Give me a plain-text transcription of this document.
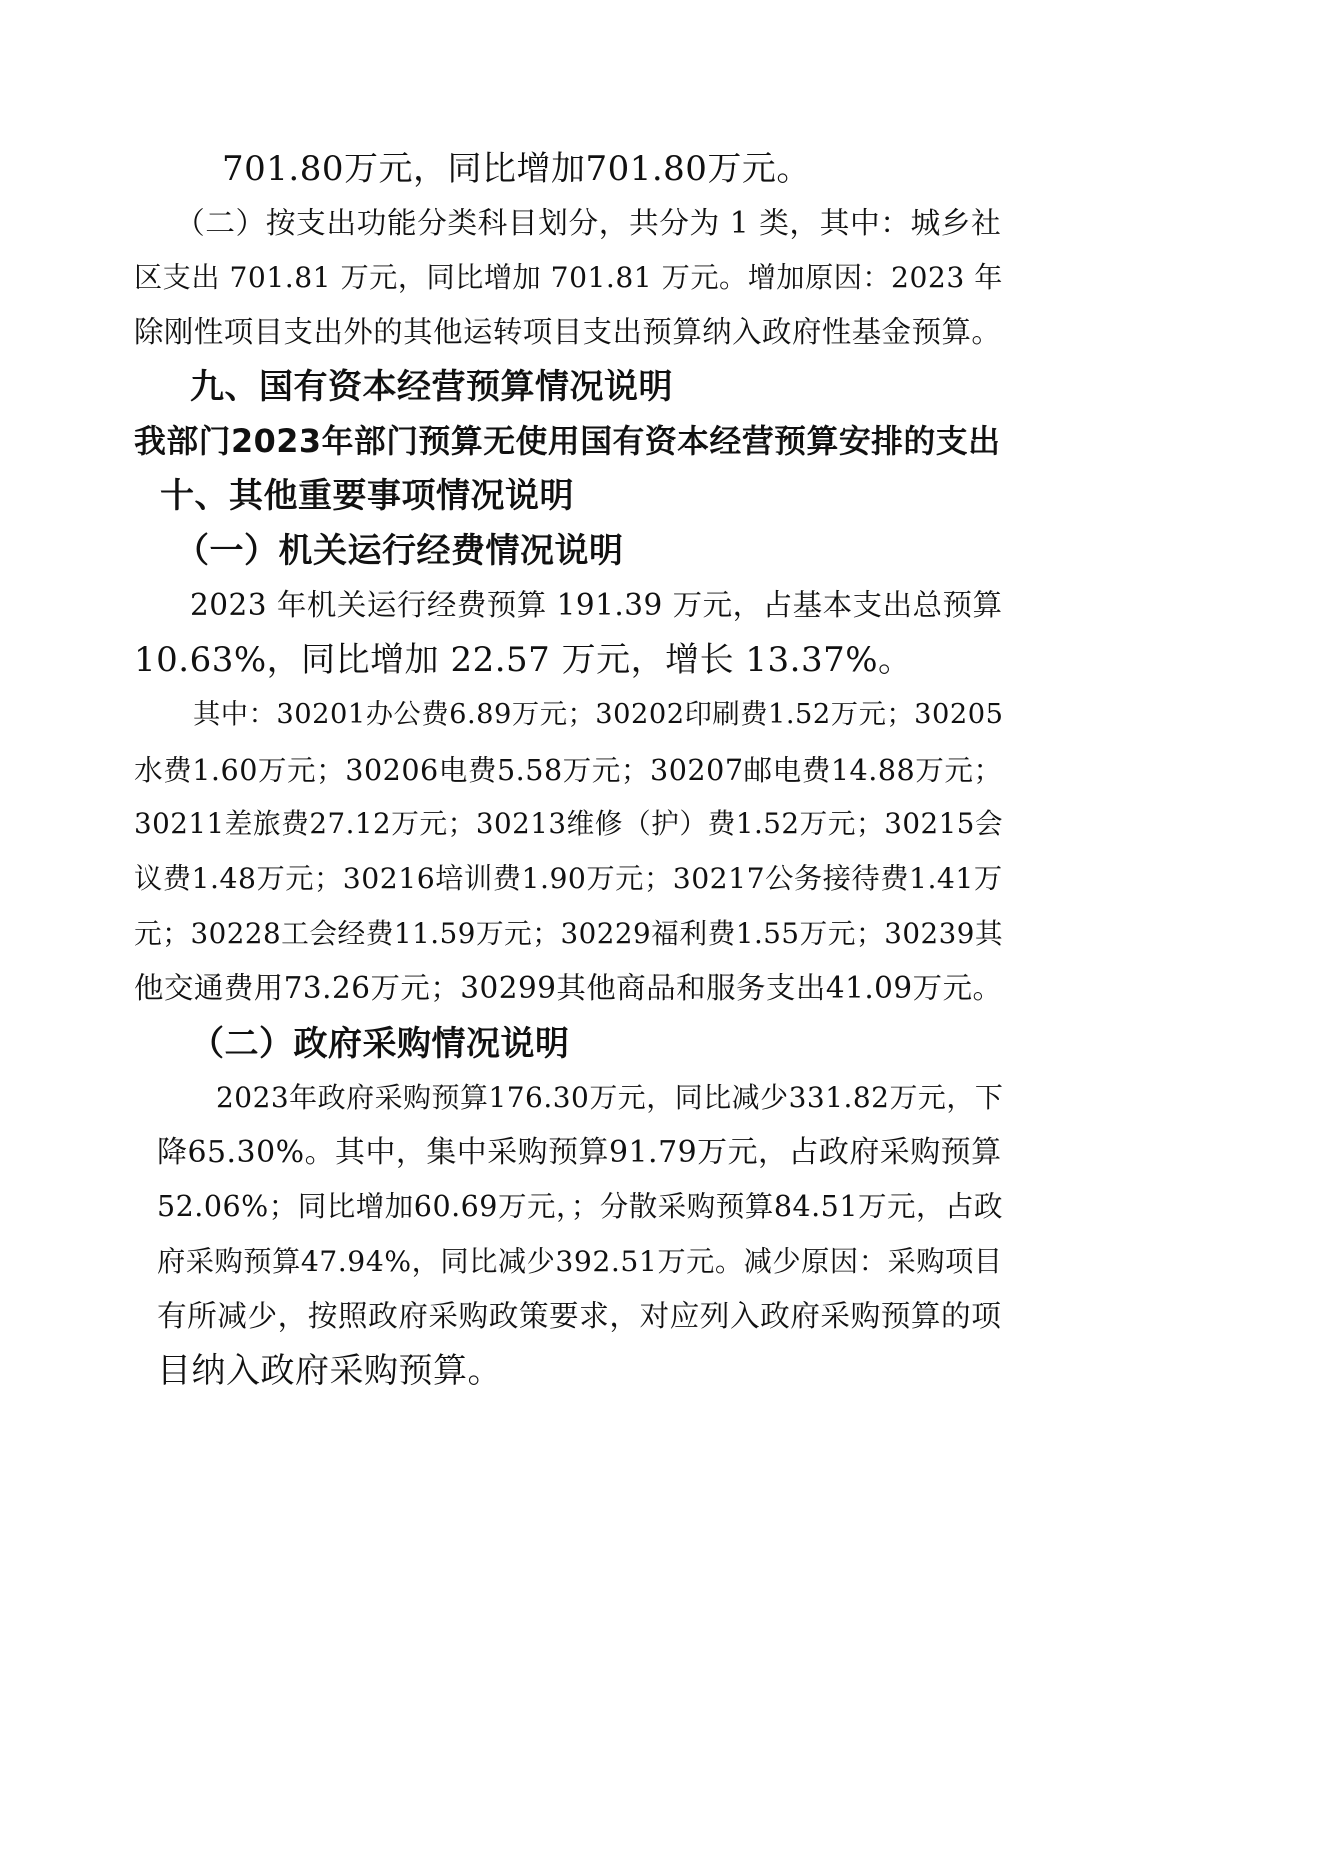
701.80万元，同比增加701.80万元。
（二）按支出功能分类科目划分，共分为 1 类，其中：城乡社
区支出 701.81 万元，同比增加 701.81 万元。增加原因：2023 年
除刚性项目支出外的其他运转项目支出预算纳入政府性基金预算。
九、国有资本经营预算情况说明
我部门2023年部门预算无使用国有资本经营预算安排的支出
十、其他重要事项情况说明
（一）机关运行经费情况说明
2023 年机关运行经费预算 191.39 万元，占基本支出总预算
10.63%，同比增加 22.57 万元，增长 13.37%。
其中：30201办公费6.89万元；30202印刷费1.52万元；30205
水费1.60万元；30206电费5.58万元；30207邮电费14.88万元；
30211差旅费27.12万元；30213维修（护）费1.52万元；30215会
议费1.48万元；30216培训费1.90万元；30217公务接待费1.41万
元；30228工会经费11.59万元；30229福利费1.55万元；30239其
他交通费用73.26万元；30299其他商品和服务支出41.09万元。
（二）政府采购情况说明
2023年政府采购预算176.30万元，同比减少331.82万元，下
降65.30%。其中，集中采购预算91.79万元，占政府采购预算
52.06%；同比增加60.69万元，；分散采购预算84.51万元，占政
府采购预算47.94%，同比减少392.51万元。减少原因：采购项目
有所减少，按照政府采购政策要求，对应列入政府采购预算的项
目纳入政府采购预算。
